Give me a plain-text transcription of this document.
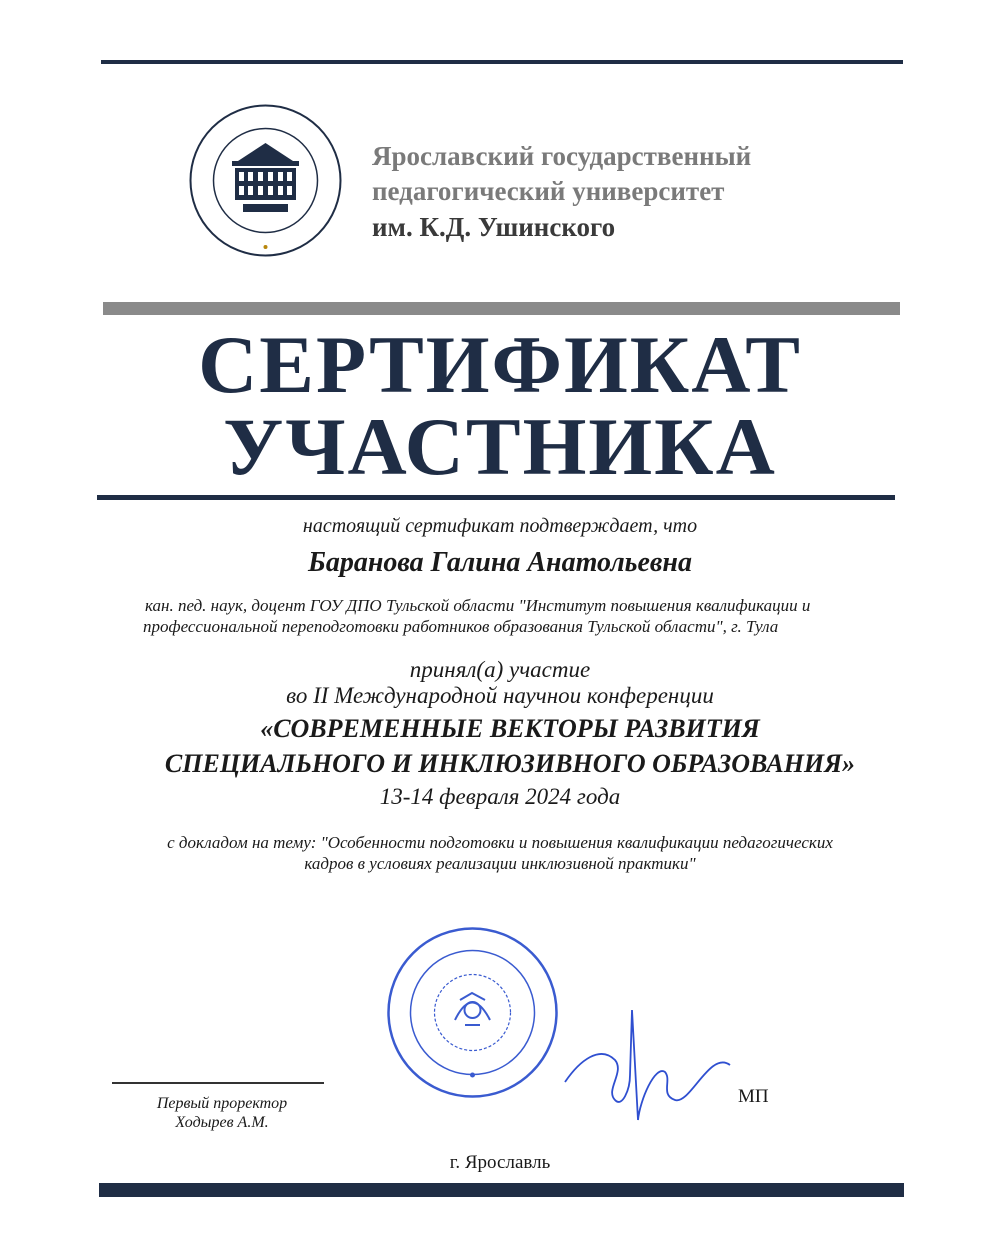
Ярославский государственный
педагогический университет
им. К.Д. Ушинского
СЕРТИФИКАТ
УЧАСТНИКА
настоящий сертификат подтверждает, что
Баранова Галина Анатольевна
кан. пед. наук, доцент ГОУ ДПО Тульской области "Институт повышения квалификации и
профессиональной переподготовки работников образования Тульской области", г. Тула
принял(а) участие
во II Международной научнои конференции
«СОВРЕМЕННЫЕ ВЕКТОРЫ РАЗВИТИЯ
СПЕЦИАЛЬНОГО И ИНКЛЮЗИВНОГО ОБРАЗОВАНИЯ»
13-14 февраля 2024 года
с докладом на тему: "Особенности подготовки и повышения квалификации педагогических
кадров в условиях реализации инклюзивной практики"
Первый проректор
Ходырев А.М.
МП
г. Ярославль
